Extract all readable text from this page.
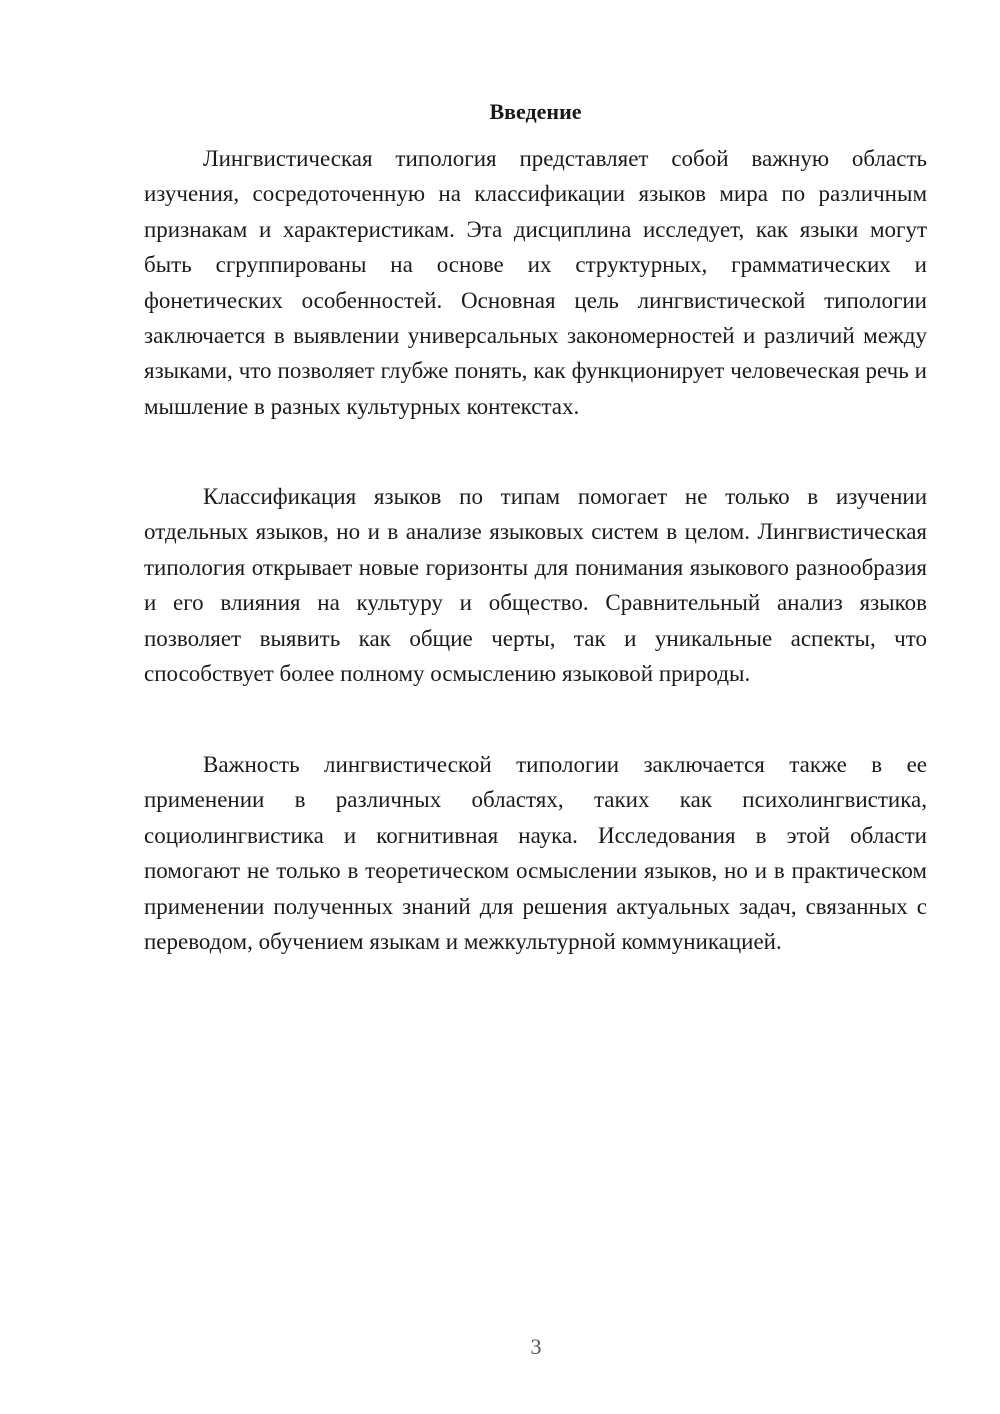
Введение

Лингвистическая типология представляет собой важную область изучения, сосредоточенную на классификации языков мира по различным признакам и характеристикам. Эта дисциплина исследует, как языки могут быть сгруппированы на основе их структурных, грамматических и фонетических особенностей. Основная цель лингвистической типологии заключается в выявлении универсальных закономерностей и различий между языками, что позволяет глубже понять, как функционирует человеческая речь и мышление в разных культурных контекстах.

Классификация языков по типам помогает не только в изучении отдельных языков, но и в анализе языковых систем в целом. Лингвистическая типология открывает новые горизонты для понимания языкового разнообразия и его влияния на культуру и общество. Сравнительный анализ языков позволяет выявить как общие черты, так и уникальные аспекты, что способствует более полному осмыслению языковой природы.

Важность лингвистической типологии заключается также в ее применении в различных областях, таких как психолингвистика, социолингвистика и когнитивная наука. Исследования в этой области помогают не только в теоретическом осмыслении языков, но и в практическом применении полученных знаний для решения актуальных задач, связанных с переводом, обучением языкам и межкультурной коммуникацией.

3
